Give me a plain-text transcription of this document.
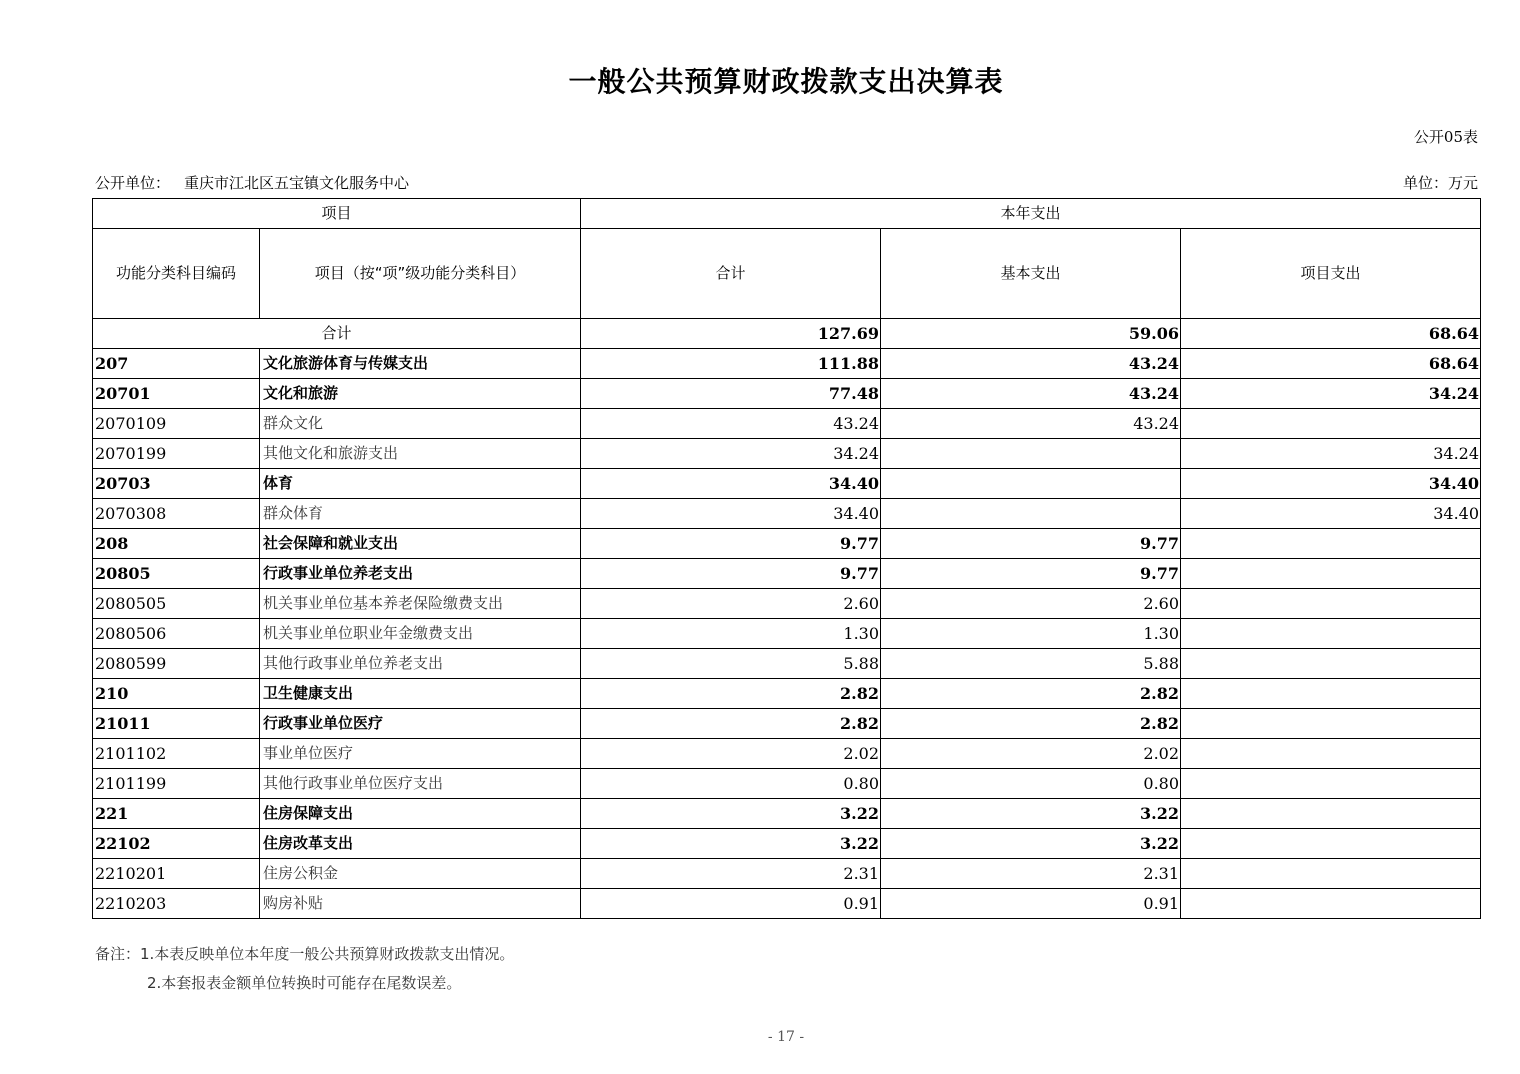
一般公共预算财政拨款支出决算表
公开05表
公开单位： 重庆市江北区五宝镇文化服务中心	单位：万元
项目		本年支出		
功能分类科目编码	项目（按“项”级功能分类科目）	合计	基本支出	项目支出
合计		127.69	59.06	68.64
207	文化旅游体育与传媒支出	111.88	43.24	68.64
20701	文化和旅游	77.48	43.24	34.24
2070109	群众文化	43.24	43.24	
2070199	其他文化和旅游支出	34.24		34.24
20703	体育	34.40		34.40
2070308	群众体育	34.40		34.40
208	社会保障和就业支出	9.77	9.77	
20805	行政事业单位养老支出	9.77	9.77	
2080505	机关事业单位基本养老保险缴费支出	2.60	2.60	
2080506	机关事业单位职业年金缴费支出	1.30	1.30	
2080599	其他行政事业单位养老支出	5.88	5.88	
210	卫生健康支出	2.82	2.82	
21011	行政事业单位医疗	2.82	2.82	
2101102	事业单位医疗	2.02	2.02	
2101199	其他行政事业单位医疗支出	0.80	0.80	
221	住房保障支出	3.22	3.22	
22102	住房改革支出	3.22	3.22	
2210201	住房公积金	2.31	2.31	
2210203	购房补贴	0.91	0.91	
备注：1.本表反映单位本年度一般公共预算财政拨款支出情况。
2.本套报表金额单位转换时可能存在尾数误差。
- 17 -
